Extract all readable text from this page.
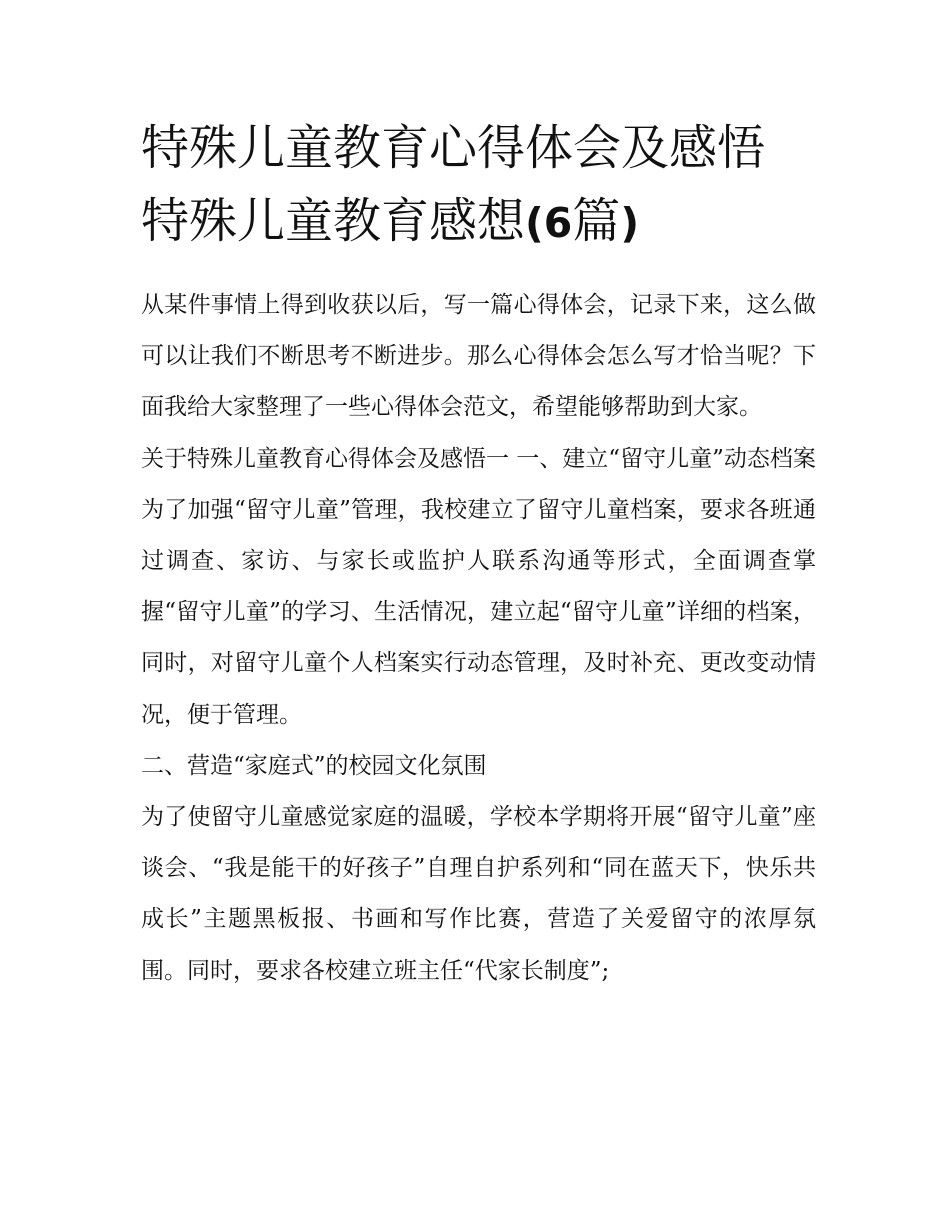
特殊儿童教育心得体会及感悟
特殊儿童教育感想(6篇)

从某件事情上得到收获以后，写一篇心得体会，记录下来，这么做可以让我们不断思考不断进步。那么心得体会怎么写才恰当呢？下面我给大家整理了一些心得体会范文，希望能够帮助到大家。

关于特殊儿童教育心得体会及感悟一 一、建立“留守儿童”动态档案

为了加强“留守儿童”管理，我校建立了留守儿童档案，要求各班通过调查、家访、与家长或监护人联系沟通等形式，全面调查掌握“留守儿童”的学习、生活情况，建立起“留守儿童”详细的档案，同时，对留守儿童个人档案实行动态管理，及时补充、更改变动情况，便于管理。

二、营造“家庭式”的校园文化氛围

为了使留守儿童感觉家庭的温暖，学校本学期将开展“留守儿童”座谈会、“我是能干的好孩子”自理自护系列和“同在蓝天下，快乐共成长”主题黑板报、书画和写作比赛，营造了关爱留守的浓厚氛围。同时，要求各校建立班主任“代家长制度”;
